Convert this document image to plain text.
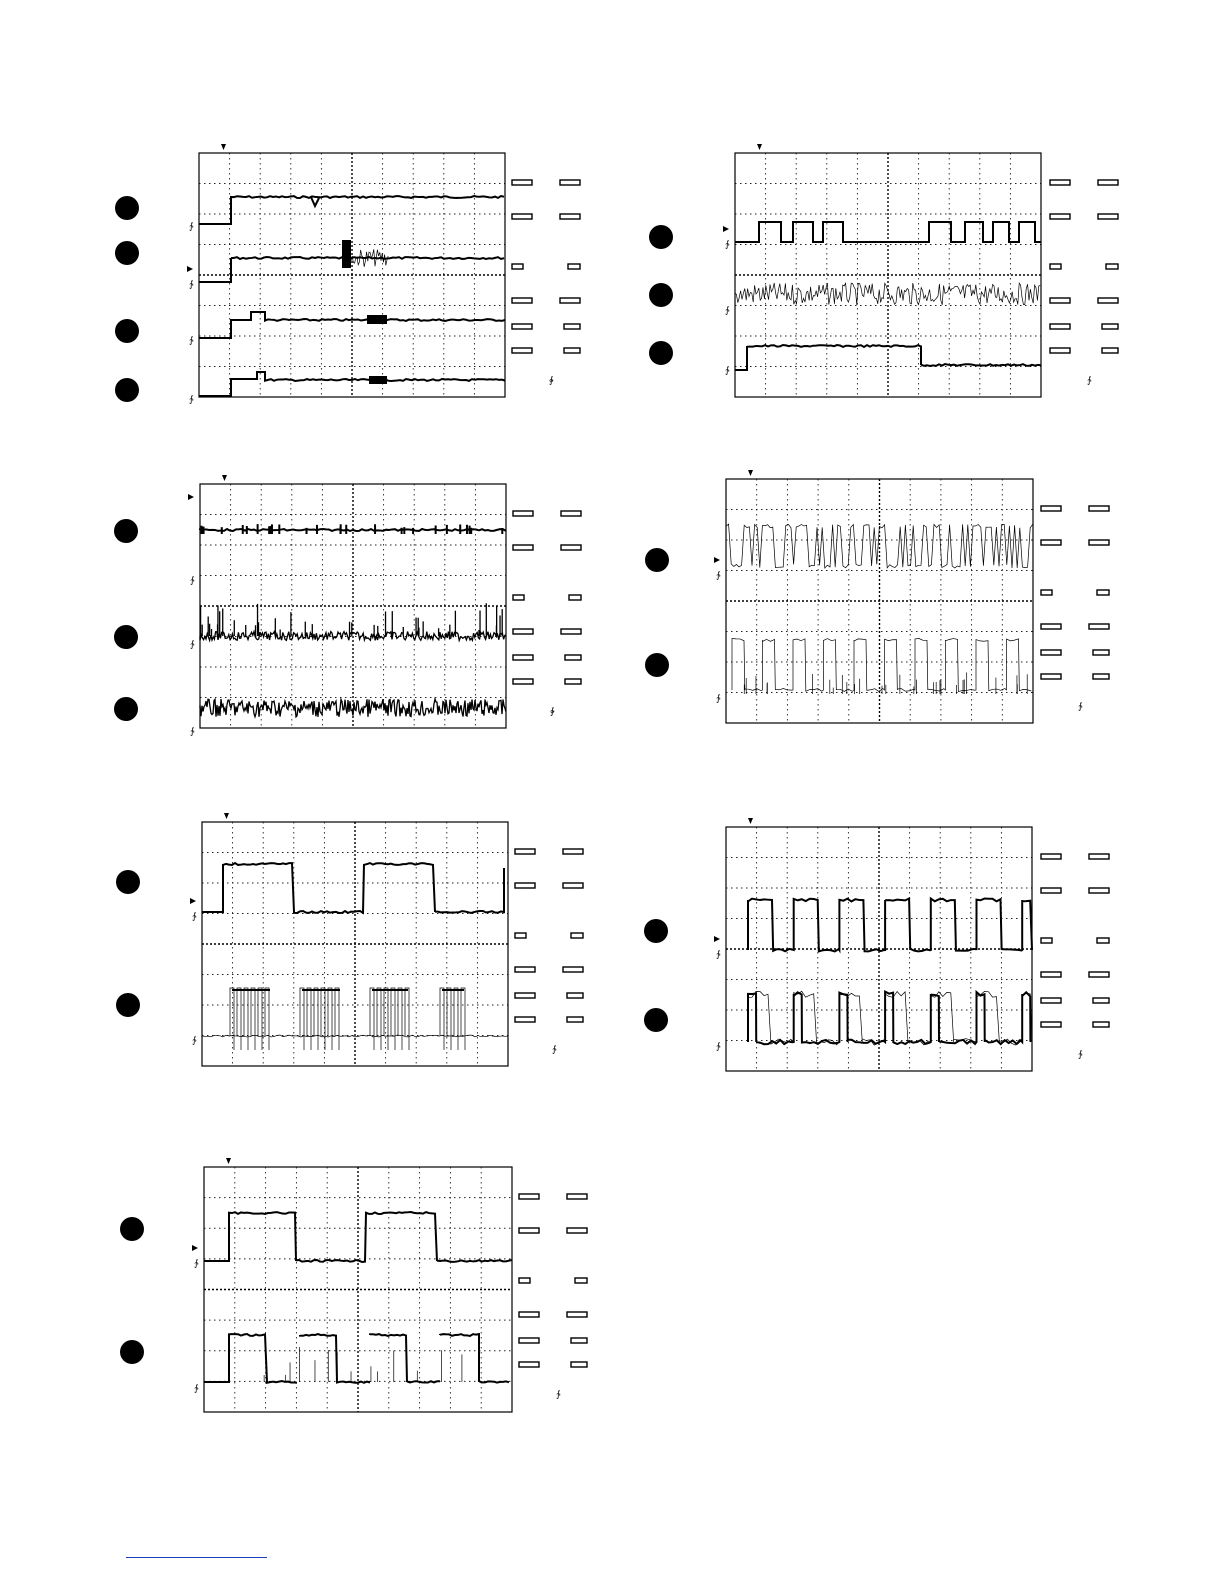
∱
∱
∱
∱
∲
∱
∱
∱
∱
∱
∱
∱
∲
∱
∱
∱
∱
∱
∱
∱
∱
∱
∱
∱
∱
